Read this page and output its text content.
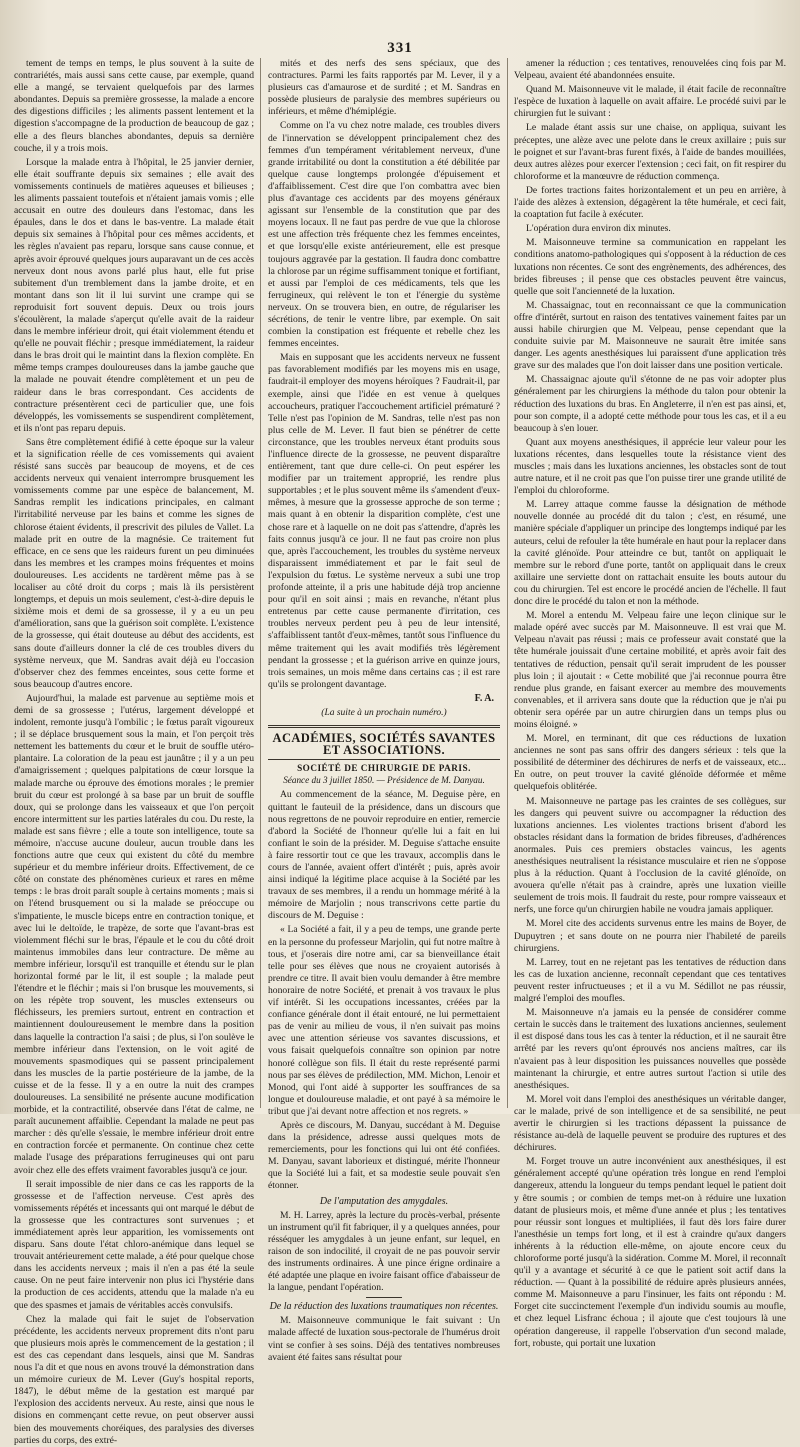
331

tement de temps en temps, le plus souvent à la suite de contrariétés, mais aussi sans cette cause, par exemple, quand elle a mangé, se tervaient quelquefois par des larmes abondantes. Depuis sa première grossesse, la malade a encore des digestions difficiles ; les aliments passent lentement et la digestion s'accompagne de la production de beaucoup de gaz ; elle a des fleurs blanches abondantes, depuis sa dernière couche, il y a trois mois.

Lorsque la malade entra à l'hôpital, le 25 janvier dernier, elle était souffrante depuis six semaines ; elle avait des vomissements continuels de matières aqueuses et bilieuses ; les aliments passaient toutefois et n'étaient jamais vomis ; elle accusait en outre des douleurs dans l'estomac, dans les épaules, dans le dos et dans le bas-ventre. La malade était depuis six semaines à l'hôpital pour ces mêmes accidents, et les règles n'avaient pas reparu, lorsque sans cause connue, et après avoir éprouvé quelques jours auparavant un de ces accès nerveux dont nous avons parlé plus haut, elle fut prise subitement d'un tremblement dans la jambe droite, et en montant dans son lit il lui survint une crampe qui se reproduisit fort souvent depuis. Deux ou trois jours s'écoulèrent, la malade s'aperçut qu'elle avait de la raideur dans le membre inférieur droit, qui était violemment étendu et qu'elle ne pouvait fléchir ; presque immédiatement, la raideur dans le bras droit qui le maintint dans la flexion complète. En même temps crampes douloureuses dans la jambe gauche que la malade ne pouvait étendre complètement et un peu de raideur dans le bras correspondant. Ces accidents de contracture présentèrent ceci de particulier que, une fois développés, les vomissements se suspendirent complètement, et ils n'ont pas reparu depuis.

Sans être complètement édifié à cette époque sur la valeur et la signification réelle de ces vomissements qui avaient résisté sans succès par beaucoup de moyens, et de ces accidents nerveux qui venaient interrompre brusquement les vomissements comme par une espèce de balancement, M. Sandras remplit les indications principales, en calmant l'irritabilité nerveuse par les bains et comme les signes de chlorose étaient évidents, il prescrivit des pilules de Vallet. La malade prit en outre de la magnésie. Ce traitement fut efficace, en ce sens que les raideurs furent un peu diminuées dans les membres et les crampes moins fréquentes et moins douloureuses. Les accidents ne tardèrent même pas à se localiser au côté droit du corps ; mais là ils persistèrent longtemps, et depuis un mois seulement, c'est-à-dire depuis le sixième mois et demi de sa grossesse, il y a eu un peu d'amélioration, sans que la guérison soit complète. L'existence de la grossesse, qui était douteuse au début des accidents, est sans doute d'ailleurs donner la clé de ces troubles divers du système nerveux, que M. Sandras avait déjà eu l'occasion d'observer chez des femmes enceintes, sous cette forme et sous beaucoup d'autres encore.

Aujourd'hui, la malade est parvenue au septième mois et demi de sa grossesse ; l'utérus, largement développé et indolent, remonte jusqu'à l'ombilic ; le fœtus paraît vigoureux ; il se déplace brusquement sous la main, et l'on perçoit très nettement les battements du cœur et le bruit de souffle utéro-plantaire. La coloration de la peau est jaunâtre ; il y a un peu d'amaigrissement ; quelques palpitations de cœur lorsque la malade marche ou éprouve des émotions morales ; le premier bruit du cœur est prolongé à sa base par un bruit de souffle doux, qui se prolonge dans les vaisseaux et que l'on perçoit encore intermittent sur les parties latérales du cou. Du reste, la malade est sans fièvre ; elle a toute son intelligence, toute sa mémoire, n'accuse aucune douleur, aucun trouble dans les fonctions autre que ceux qui existent du côté du membre supérieur et du membre inférieur droits. Effectivement, de ce côté on constate des phénomènes curieux et rares en même temps : le bras droit paraît souple à certains moments ; mais si on l'étend brusquement ou si la malade se préoccupe ou s'impatiente, le muscle biceps entre en contraction tonique, et avec lui le deltoïde, le trapèze, de sorte que l'avant-bras est violemment fléchi sur le bras, l'épaule et le cou du côté droit maintenus immobiles dans leur contracture. De même au membre inférieur, lorsqu'il est tranquille et étendu sur le plan horizontal formé par le lit, il est souple ; la malade peut l'étendre et le fléchir ; mais si l'on brusque les mouvements, si on les répète trop souvent, les muscles extenseurs ou fléchisseurs, les premiers surtout, entrent en contraction et maintiennent douloureusement le membre dans la position dans laquelle la contraction l'a saisi ; de plus, si l'on soulève le membre inférieur dans l'extension, on le voit agité de mouvements spasmodiques qui se passent principalement dans les muscles de la partie postérieure de la jambe, de la cuisse et de la fesse. Il y a en outre la nuit des crampes douloureuses. La sensibilité ne présente aucune modification morbide, et la contractilité, observée dans l'état de calme, ne paraît aucunement affaiblie. Cependant la malade ne peut pas marcher : dès qu'elle s'essaie, le membre inférieur droit entre en contraction forcée et permanente. On continue chez cette malade l'usage des préparations ferrugineuses qui ont paru avoir chez elle des effets vraiment favorables jusqu'à ce jour.

Il serait impossible de nier dans ce cas les rapports de la grossesse et de l'affection nerveuse. C'est après des vomissements répétés et incessants qui ont marqué le début de la grossesse que les contractures sont survenues ; et immédiatement après leur apparition, les vomissements ont disparu. Sans doute l'état chloro-anémique dans lequel se trouvait antérieurement cette malade, a été pour quelque chose dans les accidents nerveux ; mais il n'en a pas été la seule cause. On ne peut faire intervenir non plus ici l'hystérie dans la production de ces accidents, attendu que la malade n'a eu que des spasmes et jamais de véritables accès convulsifs.

Chez la malade qui fait le sujet de l'observation précédente, les accidents nerveux proprement dits n'ont paru que plusieurs mois après le commencement de la gestation ; il est des cas cependant dans lesquels, ainsi que M. Sandras nous l'a dit et que nous en avons trouvé la démonstration dans un mémoire curieux de M. Lever (Guy's hospital reports, 1847), le début même de la gestation est marqué par l'explosion des accidents nerveux. Au reste, ainsi que nous le disions en commençant cette revue, on peut observer aussi bien des mouvements choréiques, des paralysies des diverses parties du corps, des extré-

mités et des nerfs des sens spéciaux, que des contractures. Parmi les faits rapportés par M. Lever, il y a plusieurs cas d'amaurose et de surdité ; et M. Sandras en possède plusieurs de paralysie des membres supérieurs ou inférieurs, et même d'hémiplégie.

Comme on l'a vu chez notre malade, ces troubles divers de l'innervation se développent principalement chez des femmes d'un tempérament véritablement nerveux, d'une grande irritabilité ou dont la constitution a été débilitée par quelque cause longtemps prolongée d'épuisement et d'affaiblissement. C'est dire que l'on combattra avec bien plus d'avantage ces accidents par des moyens généraux agissant sur l'ensemble de la constitution que par des moyens locaux. Il ne faut pas perdre de vue que la chlorose est une affection très fréquente chez les femmes enceintes, et que lorsqu'elle existe antérieurement, elle est presque toujours aggravée par la gestation. Il faudra donc combattre la chlorose par un régime suffisamment tonique et fortifiant, et aussi par l'emploi de ces médicaments, tels que les ferrugineux, qui relèvent le ton et l'énergie du système nerveux. On se trouvera bien, en outre, de régulariser les sécrétions, de tenir le ventre libre, par exemple. On sait combien la constipation est fréquente et rebelle chez les femmes enceintes.

Mais en supposant que les accidents nerveux ne fussent pas favorablement modifiés par les moyens mis en usage, faudrait-il employer des moyens héroïques ? Faudrait-il, par exemple, ainsi que l'idée en est venue à quelques accoucheurs, pratiquer l'accouchement artificiel prématuré ? Telle n'est pas l'opinion de M. Sandras, telle n'est pas non plus celle de M. Lever. Il faut bien se pénétrer de cette circonstance, que les troubles nerveux étant produits sous l'influence directe de la grossesse, ne peuvent disparaître entièrement, tant que dure celle-ci. On peut espérer les modifier par un traitement approprié, les rendre plus supportables ; et le plus souvent même ils s'amendent d'eux-mêmes, à mesure que la grossesse approche de son terme ; mais quant à en obtenir la disparition complète, c'est une chose rare et à laquelle on ne doit pas s'attendre, d'après les faits connus jusqu'à ce jour. Il ne faut pas croire non plus que, après l'accouchement, les troubles du système nerveux disparaissent immédiatement et par le fait seul de l'expulsion du fœtus. Le système nerveux a subi une trop profonde atteinte, il a pris une habitude déjà trop ancienne pour qu'il en soit ainsi ; mais en revanche, n'étant plus entretenus par cette cause permanente d'irritation, ces troubles nerveux perdent peu à peu de leur intensité, s'affaiblissent tantôt d'eux-mêmes, tantôt sous l'influence du même traitement qui les avait modifiés très légèrement pendant la grossesse ; et la guérison arrive en quinze jours, trois semaines, un mois même dans certains cas ; il est rare qu'ils se prolongent davantage.

F. A.
(La suite à un prochain numéro.)
ACADÉMIES, SOCIÉTÉS SAVANTES ET ASSOCIATIONS.
SOCIÉTÉ DE CHIRURGIE DE PARIS.
Séance du 3 juillet 1850. — Présidence de M. Danyau.

Au commencement de la séance, M. Deguise père, en quittant le fauteuil de la présidence, dans un discours que nous regrettons de ne pouvoir reproduire en entier, remercie d'abord la Société de l'honneur qu'elle lui a fait en lui confiant le soin de la présider. M. Deguise s'attache ensuite à faire ressortir tout ce que les travaux, accomplis dans le cours de l'année, avaient offert d'intérêt ; puis, après avoir ainsi indiqué la légitime place acquise à la Société par les travaux de ses membres, il a rendu un hommage mérité à la mémoire de Marjolin ; nous transcrivons cette partie du discours de M. Deguise :

« La Société a fait, il y a peu de temps, une grande perte en la personne du professeur Marjolin, qui fut notre maître à tous, et j'oserais dire notre ami, car sa bienveillance était telle pour ses élèves que nous ne croyaient autorisés à prendre ce titre. Il avait bien voulu demander à être membre honoraire de notre Société, et prenait à vos travaux le plus vif intérêt. Si les occupations incessantes, créées par la confiance générale dont il était entouré, ne lui permettaient pas de venir au milieu de vous, il n'en suivait pas moins avec une attention sérieuse vos savantes discussions, et vous faisait quelquefois connaître son opinion par notre honoré collègue son fils. Il était du reste représenté parmi nous par ses élèves de prédilection, MM. Michon, Lenoir et Monod, qui l'ont aidé à supporter les souffrances de sa longue et douloureuse maladie, et ont payé à sa mémoire le tribut que j'ai devant notre affection et nos regrets. »

Après ce discours, M. Danyau, succédant à M. Deguise dans la présidence, adresse aussi quelques mots de remerciements, pour les fonctions qui lui ont été confiées. M. Danyau, savant laborieux et distingué, mérite l'honneur que la Société lui a fait, et sa modestie seule pouvait s'en étonner.

De l'amputation des amygdales.

M. H. Larrey, après la lecture du procès-verbal, présente un instrument qu'il fit fabriquer, il y a quelques années, pour résséquer les amygdales à un jeune enfant, sur lequel, en raison de son indocilité, il croyait de ne pas pouvoir servir des instruments ordinaires. À une pince érigne ordinaire a été adaptée une plaque en ivoire faisant office d'abaisseur de la langue, pendant l'opération.

De la réduction des luxations traumatiques non récentes.

M. Maisonneuve communique le fait suivant : Un malade affecté de luxation sous-pectorale de l'humérus droit vint se confier à ses soins. Déjà des tentatives nombreuses avaient été faites sans résultat pour

amener la réduction ; ces tentatives, renouvelées cinq fois par M. Velpeau, avaient été abandonnées ensuite.

Quand M. Maisonneuve vit le malade, il était facile de reconnaître l'espèce de luxation à laquelle on avait affaire. Le procédé suivi par le chirurgien fut le suivant :

Le malade étant assis sur une chaise, on appliqua, suivant les préceptes, une alèze avec une pelote dans le creux axillaire ; puis sur le poignet et sur l'avant-bras furent fixés, à l'aide de bandes mouillées, deux autres alèzes pour exercer l'extension ; ceci fait, on fit respirer du chloroforme et la manœuvre de réduction commença.

De fortes tractions faites horizontalement et un peu en arrière, à l'aide des alèzes à extension, dégagèrent la tête humérale, et ceci fait, la coaptation fut facile à exécuter.

L'opération dura environ dix minutes.

M. Maisonneuve termine sa communication en rappelant les conditions anatomo-pathologiques qui s'opposent à la réduction de ces luxations non récentes. Ce sont des engrènements, des adhérences, des brides fibreuses ; il pense que ces obstacles peuvent être vaincus, quelle que soit l'ancienneté de la luxation.

M. Chassaignac, tout en reconnaissant ce que la communication offre d'intérêt, surtout en raison des tentatives vainement faites par un aussi habile chirurgien que M. Velpeau, pense cependant que la conduite suivie par M. Maisonneuve ne saurait être imitée sans danger. Les agents anesthésiques lui paraissent d'une application très grave sur des malades que l'on doit laisser dans une position verticale.

M. Chassaignac ajoute qu'il s'étonne de ne pas voir adopter plus généralement par les chirurgiens la méthode du talon pour obtenir la réduction des luxations du bras. En Angleterre, il n'en est pas ainsi, et, pour son compte, il a adopté cette méthode pour tous les cas, et il a eu beaucoup à s'en louer.

Quant aux moyens anesthésiques, il apprécie leur valeur pour les luxations récentes, dans lesquelles toute la résistance vient des muscles ; mais dans les luxations anciennes, les obstacles sont de tout autre nature, et il ne croit pas que l'on puisse tirer une grande utilité de l'emploi du chloroforme.

M. Larrey attaque comme fausse la désignation de méthode nouvelle donnée au procédé dit du talon ; c'est, en résumé, une manière spéciale d'appliquer un principe des longtemps indiqué par les auteurs, celui de refouler la tête humérale en haut pour la replacer dans la cavité glénoïde. Pour atteindre ce but, tantôt on appliquait le membre sur le rebord d'une porte, tantôt on appliquait dans le creux axillaire une serviette dont on rattachait ensuite les bouts autour du cou du chirurgien. Tel est encore le procédé ancien de l'échelle. Il faut donc dire le procédé du talon et non la méthode.

M. Morel a entendu M. Velpeau faire une leçon clinique sur le malade opéré avec succès par M. Maisonneuve. Il est vrai que M. Velpeau n'avait pas réussi ; mais ce professeur avait constaté que la tête humérale jouissait d'une certaine mobilité, et après avoir fait des tentatives de réduction, pensait qu'il serait imprudent de les pousser plus loin ; il ajoutait : « Cette mobilité que j'ai reconnue pourra être rendue plus grande, en faisant exercer au membre des mouvements convenables, et il arrivera sans doute que la réduction que je n'ai pu obtenir sera opérée par un autre chirurgien dans un temps plus ou moins éloigné. »

M. Morel, en terminant, dit que ces réductions de luxation anciennes ne sont pas sans offrir des dangers sérieux : tels que la possibilité de déterminer des déchirures de nerfs et de vaisseaux, etc... En outre, on peut trouver la cavité glénoïde déformée et même quelquefois oblitérée.

M. Maisonneuve ne partage pas les craintes de ses collègues, sur les dangers qui peuvent suivre ou accompagner la réduction des luxations anciennes. Les violentes tractions brisent d'abord les obstacles résidant dans la formation de brides fibreuses, d'adhérences anormales. Puis ces premiers obstacles vaincus, les agents anesthésiques neutralisent la résistance musculaire et rien ne s'oppose plus à la réduction. Quant à l'occlusion de la cavité glénoïde, on avouera qu'elle n'était pas à craindre, après une luxation vieille seulement de trois mois. Il faudrait du reste, pour rompre vaisseaux et nerfs, une force qu'un chirurgien habile ne voudra jamais appliquer.

M. Morel cite des accidents survenus entre les mains de Boyer, de Dupuytren ; et sans doute on ne pourra nier l'habileté de pareils chirurgiens.

M. Larrey, tout en ne rejetant pas les tentatives de réduction dans les cas de luxation ancienne, reconnaît cependant que ces tentatives peuvent rester infructueuses ; et il a vu M. Sédillot ne pas réussir, malgré l'emploi des moufles.

M. Maisonneuve n'a jamais eu la pensée de considérer comme certain le succès dans le traitement des luxations anciennes, seulement il est disposé dans tous les cas à tenter la réduction, et il ne saurait être arrêté par les revers qu'ont éprouvés nos anciens maîtres, car ils n'avaient pas à leur disposition les puissances nouvelles que possède maintenant la chirurgie, et entre autres surtout l'action si utile des anesthésiques.

M. Morel voit dans l'emploi des anesthésiques un véritable danger, car le malade, privé de son intelligence et de sa sensibilité, ne peut avertir le chirurgien si les tractions dépassent la puissance de résistance au-delà de laquelle peuvent se produire des ruptures et des déchirures.

M. Forget trouve un autre inconvénient aux anesthésiques, il est généralement accepté qu'une opération très longue en rend l'emploi dangereux, attendu la longueur du temps pendant lequel le patient doit y être soumis ; or combien de temps met-on à réduire une luxation datant de plusieurs mois, et même d'une année et plus ; les tentatives pour réussir sont longues et multipliées, il faut dès lors faire durer l'anesthésie un temps fort long, et il est à craindre qu'aux dangers inhérents à la réduction elle-même, on ajoute encore ceux du chloroforme porté jusqu'à la sidération. Comme M. Morel, il reconnaît qu'il y a avantage et sécurité à ce que le patient soit actif dans la réduction. — Quant à la possibilité de réduire après plusieurs années, comme M. Maisonneuve a paru l'insinuer, les faits ont répondu : M. Forget cite succinctement l'exemple d'un individu soumis au moufle, et chez lequel Lisfranc échoua ; il ajoute que c'est toujours là une opération dangereuse, il rappelle l'observation d'un second malade, fort, robuste, qui portait une luxation
